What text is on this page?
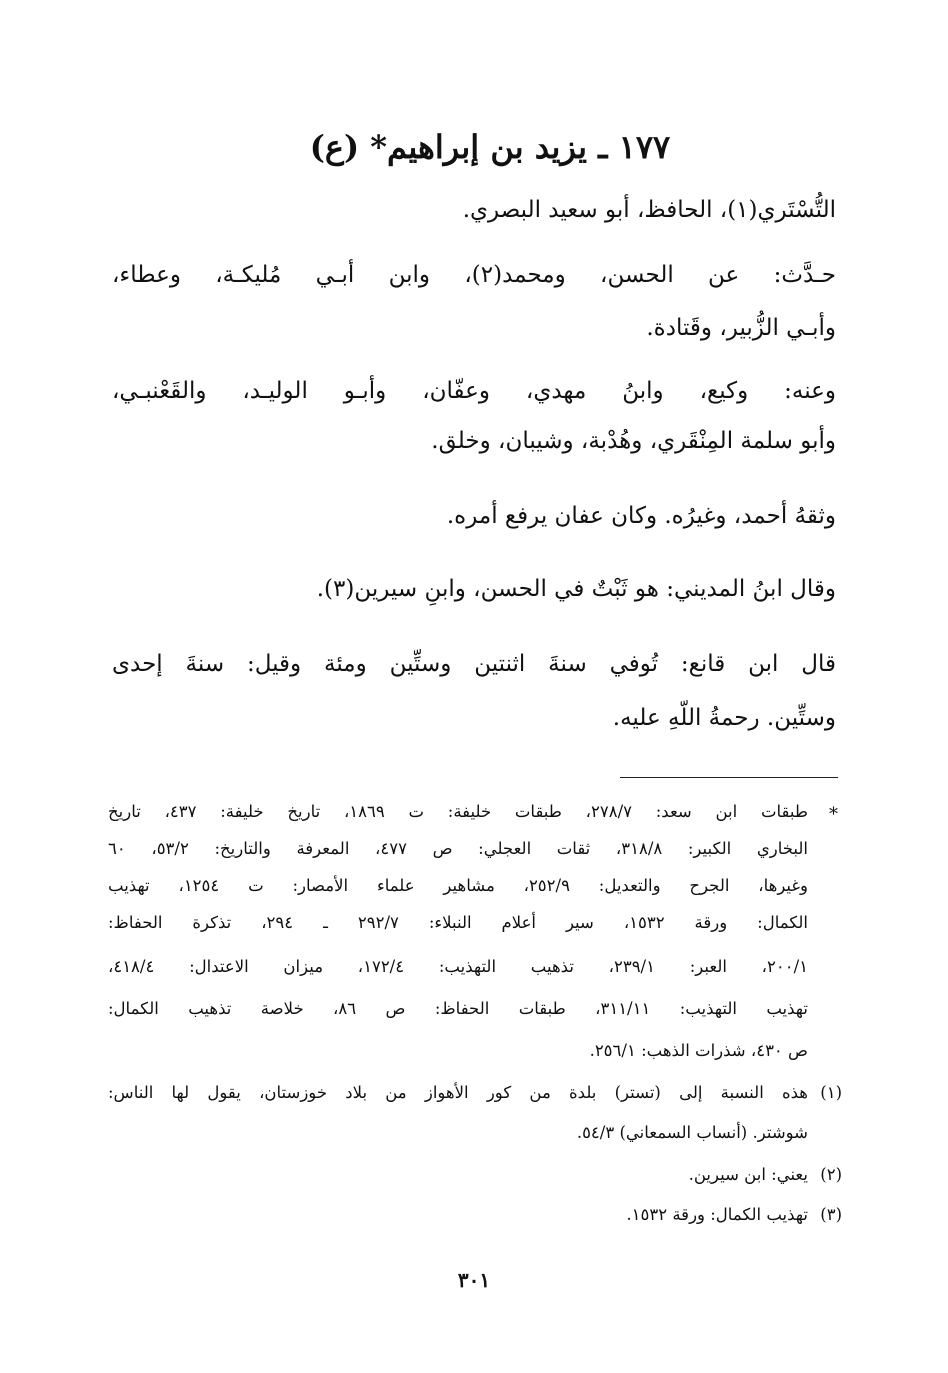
١٧٧ ـ يزيد بن إبراهيم* (ع)
التُّسْتَري(١)، الحافظ، أبو سعيد البصري.
حـدَّث: عن الحسن، ومحمد(٢)، وابن أبـي مُليكـة، وعطاء،
وأبـي الزُّبير، وقَتادة.
وعنه: وكيع، وابنُ مهدي، وعفّان، وأبـو الوليـد، والقَعْنبـي،
وأبو سلمة المِنْقَري، وهُدْبة، وشيبان، وخلق.
وثقهُ أحمد، وغيرُه. وكان عفان يرفع أمره.
وقال ابنُ المديني: هو ثَبْتٌ في الحسن، وابنِ سيرين(٣).
قال ابن قانع: تُوفي سنةَ اثنتين وستِّين ومئة وقيل: سنةَ إحدى
وستِّين. رحمةُ اللّهِ عليه.
*
طبقات ابن سعد: ٢٧٨/٧، طبقات خليفة: ت ١٨٦٩، تاريخ خليفة: ٤٣٧، تاريخ
البخاري الكبير: ٣١٨/٨، ثقات العجلي: ص ٤٧٧، المعرفة والتاريخ: ٥٣/٢، ٦٠
وغيرها، الجرح والتعديل: ٢٥٢/٩، مشاهير علماء الأمصار: ت ١٢٥٤، تهذيب
الكمال: ورقة ١٥٣٢، سير أعلام النبلاء: ٢٩٢/٧ ـ ٢٩٤، تذكرة الحفاظ:
٢٠٠/١، العبر: ٢٣٩/١، تذهيب التهذيب: ١٧٢/٤، ميزان الاعتدال: ٤١٨/٤،
تهذيب التهذيب: ٣١١/١١، طبقات الحفاظ: ص ٨٦، خلاصة تذهيب الكمال:
ص ٤٣٠، شذرات الذهب: ٢٥٦/١.
(١)
هذه النسبة إلى (تستر) بلدة من كور الأهواز من بلاد خوزستان، يقول لها الناس:
شوشتر. (أنساب السمعاني) ٥٤/٣.
(٢)
يعني: ابن سيرين.
(٣)
تهذيب الكمال: ورقة ١٥٣٢.
٣٠١
